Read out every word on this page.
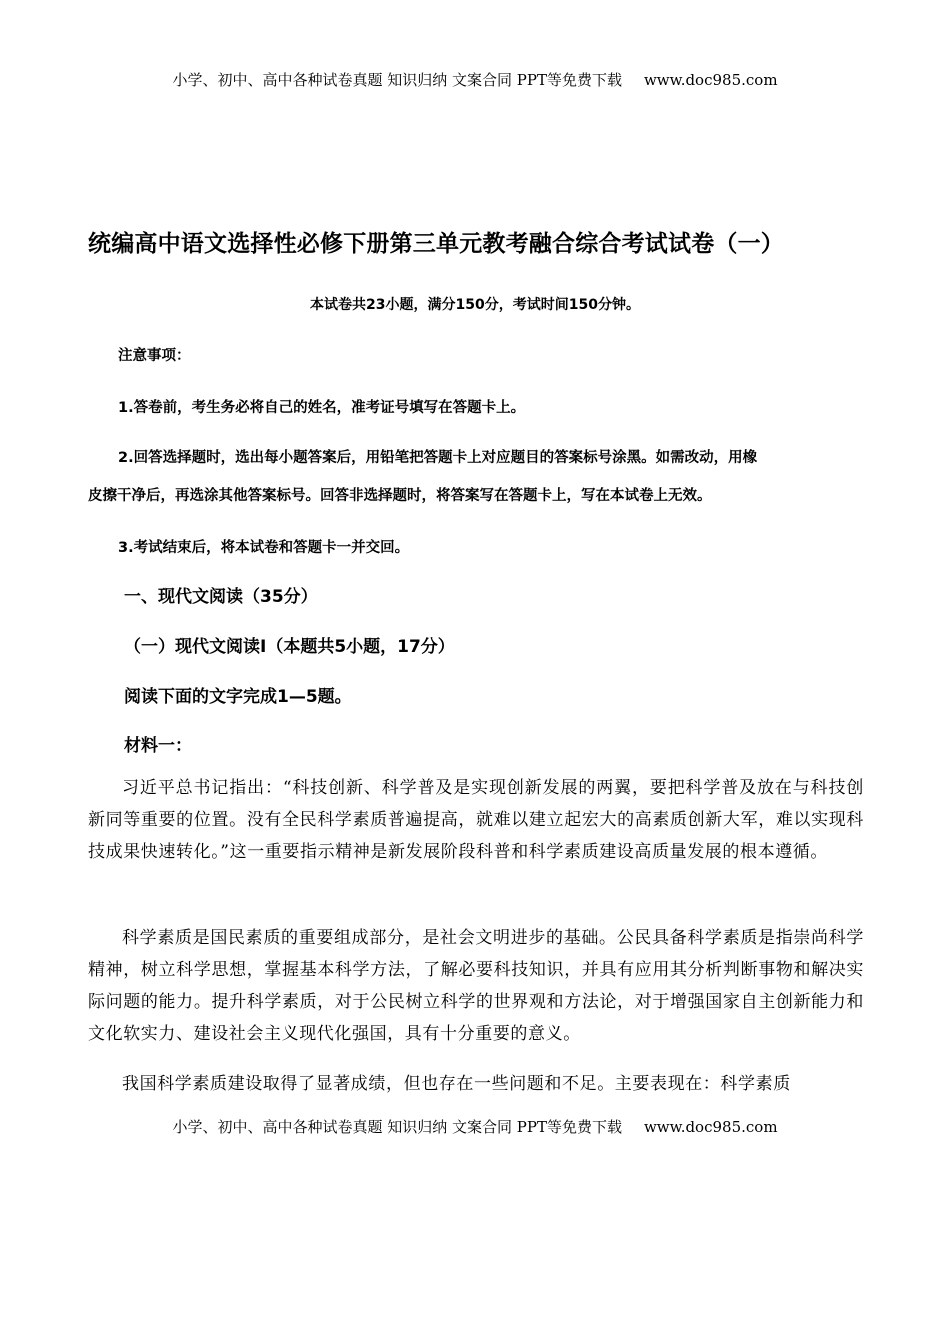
小学、初中、高中各种试卷真题 知识归纳 文案合同 PPT等免费下载 www.doc985.com
统编高中语文选择性必修下册第三单元教考融合综合考试试卷（一）
本试卷共23小题，满分150分，考试时间150分钟。
注意事项：
1.答卷前，考生务必将自己的姓名，准考证号填写在答题卡上。
2.回答选择题时，选出每小题答案后，用铅笔把答题卡上对应题目的答案标号涂黑。如需改动，用橡
皮擦干净后，再选涂其他答案标号。回答非选择题时，将答案写在答题卡上，写在本试卷上无效。
3.考试结束后，将本试卷和答题卡一并交回。
一、现代文阅读（35分）
（一）现代文阅读Ⅰ（本题共5小题，17分）
阅读下面的文字完成1—5题。
材料一：
习近平总书记指出：“科技创新、科学普及是实现创新发展的两翼，要把科学普及放在与科技创新同等重要的位置。没有全民科学素质普遍提高，就难以建立起宏大的高素质创新大军，难以实现科技成果快速转化。”这一重要指示精神是新发展阶段科普和科学素质建设高质量发展的根本遵循。
科学素质是国民素质的重要组成部分，是社会文明进步的基础。公民具备科学素质是指崇尚科学精神，树立科学思想，掌握基本科学方法，了解必要科技知识，并具有应用其分析判断事物和解决实际问题的能力。提升科学素质，对于公民树立科学的世界观和方法论，对于增强国家自主创新能力和文化软实力、建设社会主义现代化强国，具有十分重要的意义。
我国科学素质建设取得了显著成绩，但也存在一些问题和不足。主要表现在：科学素质
小学、初中、高中各种试卷真题 知识归纳 文案合同 PPT等免费下载 www.doc985.com
